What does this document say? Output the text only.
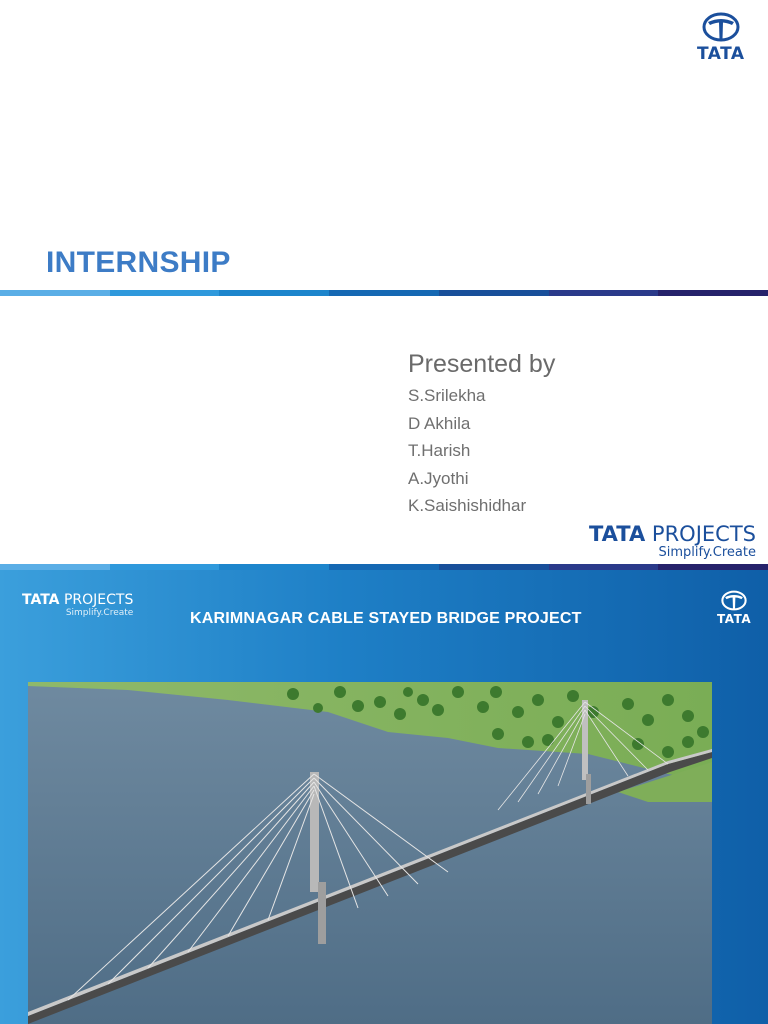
TATA
INTERNSHIP
Presented by
S.Srilekha
D Akhila
T.Harish
A.Jyothi
K.Saishishidhar
TATA PROJECTS
Simplify.Create
TATA PROJECTS
Simplify.Create	KARIMNAGAR CABLE STAYED BRIDGE PROJECT	TATA
